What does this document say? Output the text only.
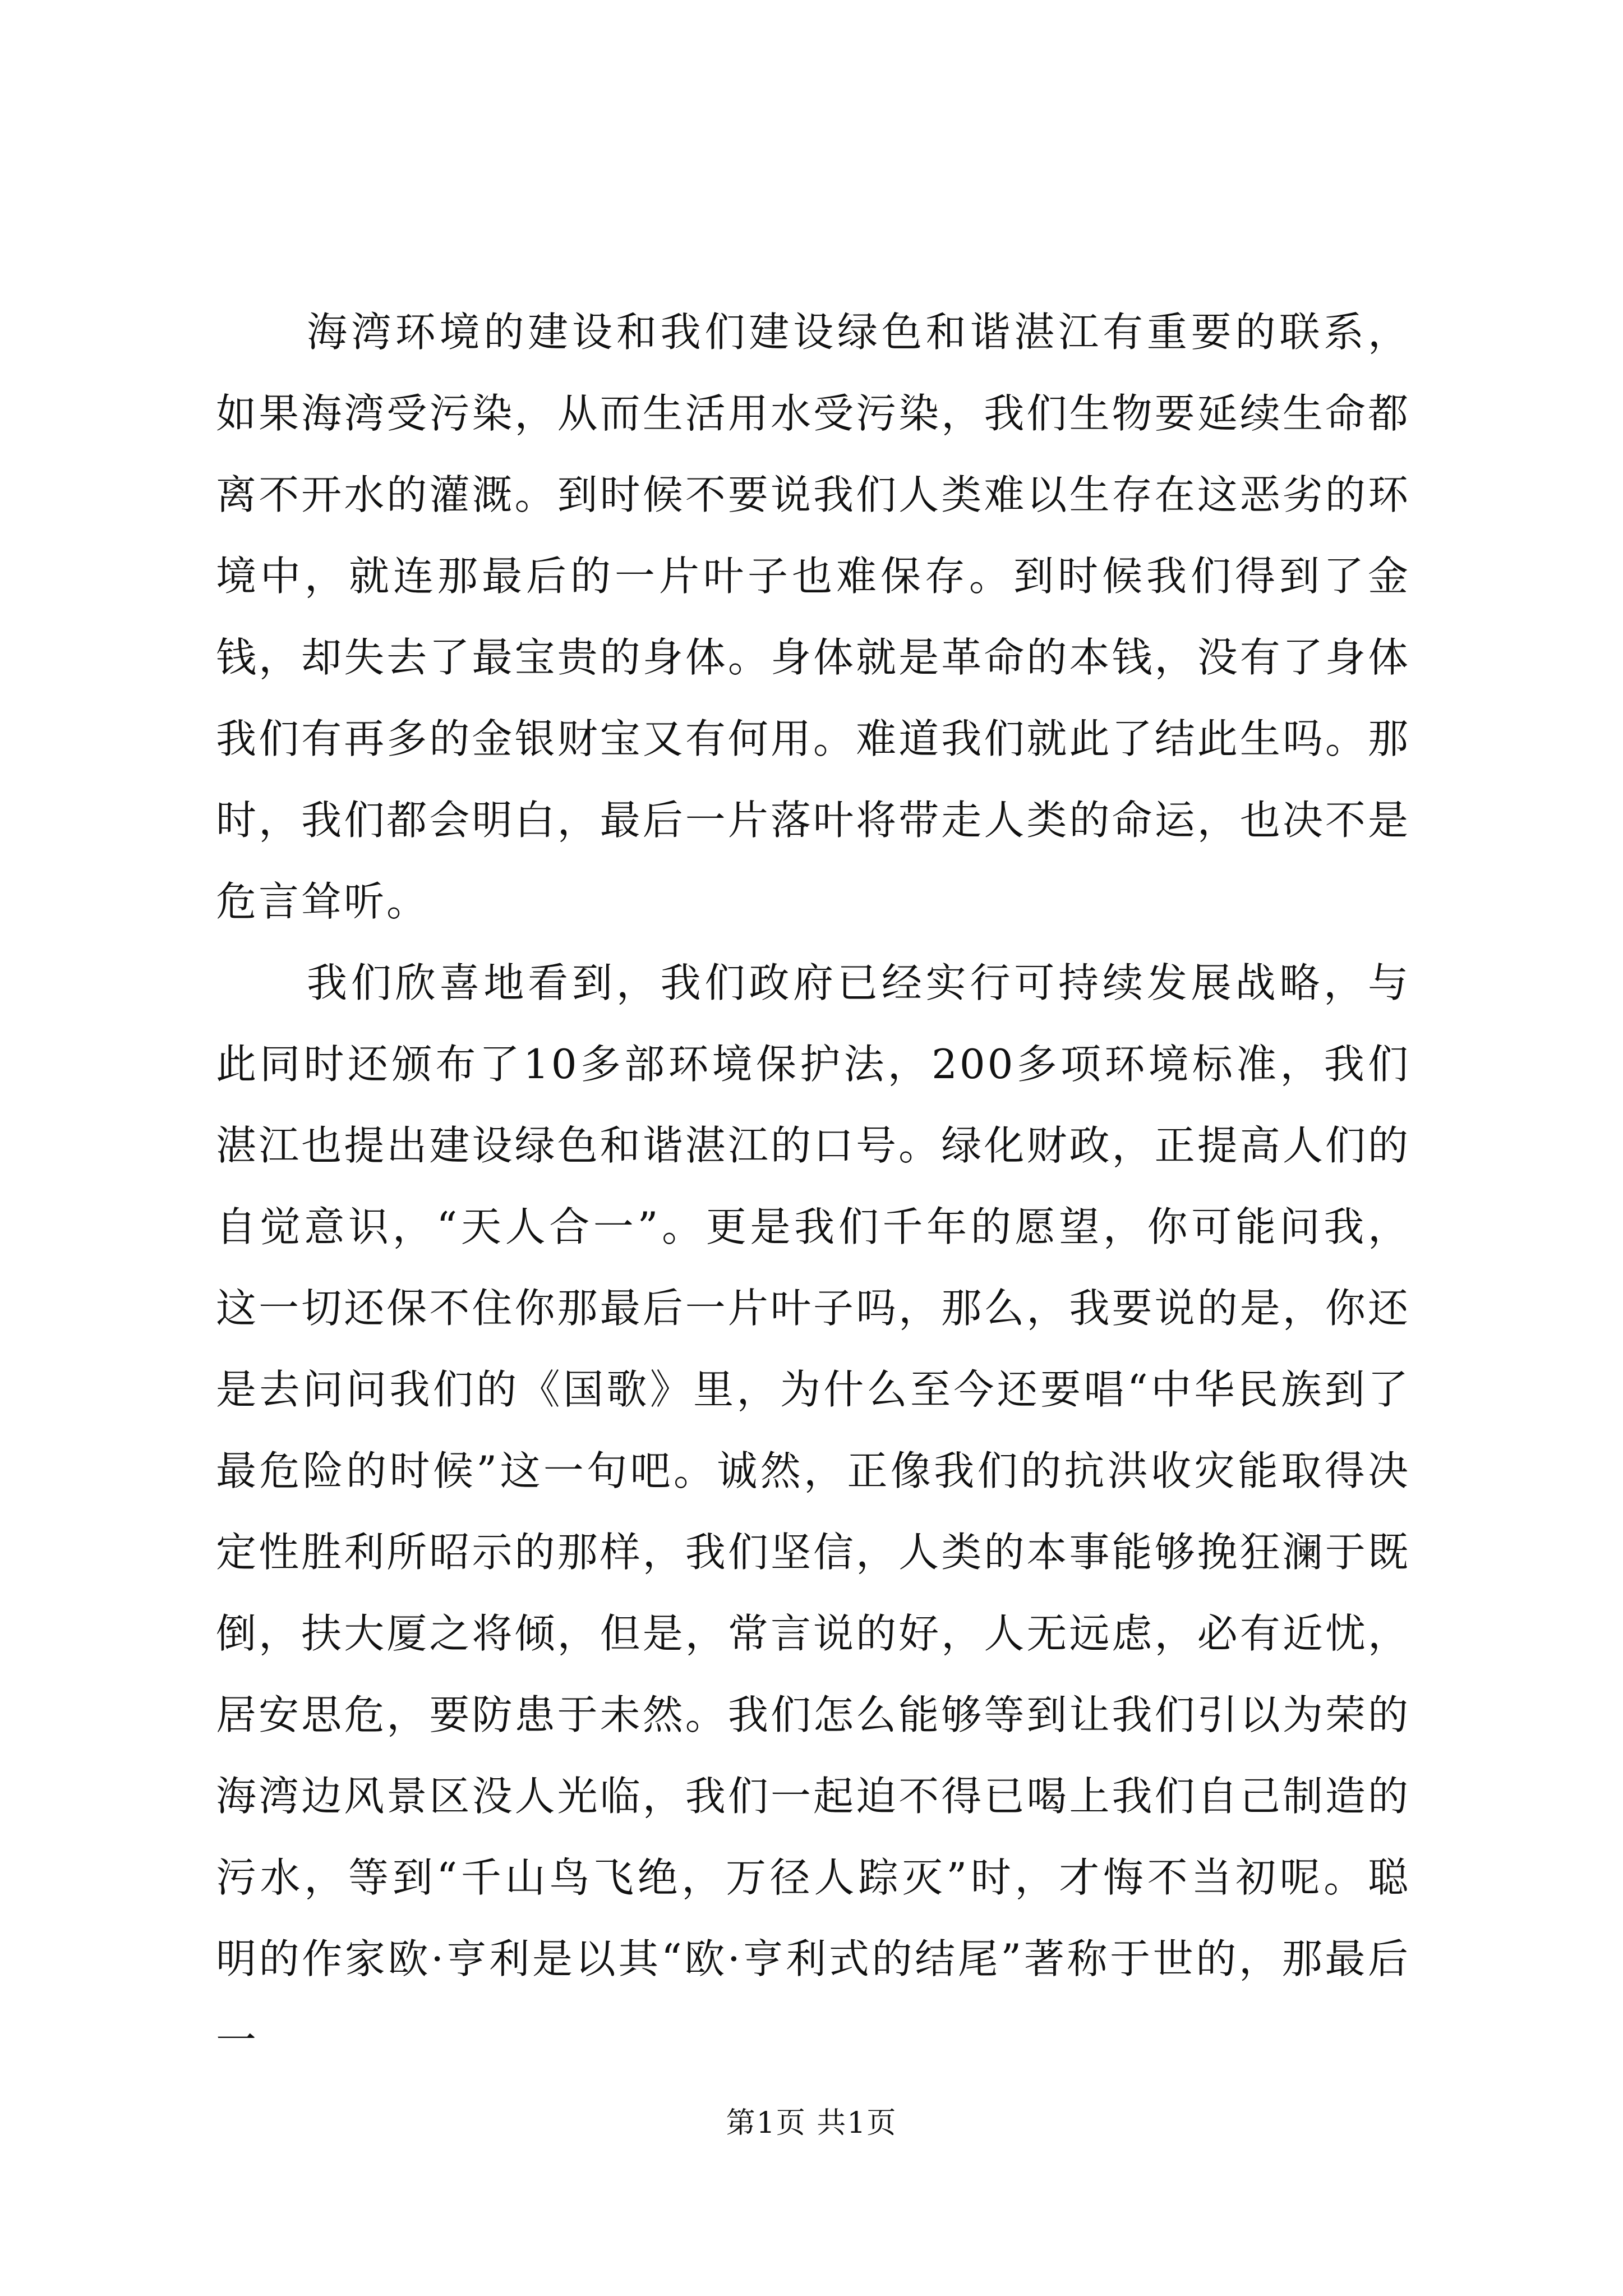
海湾环境的建设和我们建设绿色和谐湛江有重要的联系，如果海湾受污染，从而生活用水受污染，我们生物要延续生命都离不开水的灌溉。到时候不要说我们人类难以生存在这恶劣的环境中，就连那最后的一片叶子也难保存。到时候我们得到了金钱，却失去了最宝贵的身体。身体就是革命的本钱，没有了身体我们有再多的金银财宝又有何用。难道我们就此了结此生吗。那时，我们都会明白，最后一片落叶将带走人类的命运，也决不是危言耸听。

我们欣喜地看到，我们政府已经实行可持续发展战略，与此同时还颁布了10多部环境保护法，200多项环境标准，我们湛江也提出建设绿色和谐湛江的口号。绿化财政，正提高人们的自觉意识，“天人合一”。更是我们千年的愿望，你可能问我，这一切还保不住你那最后一片叶子吗，那么，我要说的是，你还是去问问我们的《国歌》里，为什么至今还要唱“中华民族到了最危险的时候”这一句吧。诚然，正像我们的抗洪收灾能取得决定性胜利所昭示的那样，我们坚信，人类的本事能够挽狂澜于既倒，扶大厦之将倾，但是，常言说的好，人无远虑，必有近忧，居安思危，要防患于未然。我们怎么能够等到让我们引以为荣的海湾边风景区没人光临，我们一起迫不得已喝上我们自己制造的污水，等到“千山鸟飞绝，万径人踪灭”时，才悔不当初呢。聪明的作家欧·亨利是以其“欧·亨利式的结尾”著称于世的，那最后一

第1页 共1页
